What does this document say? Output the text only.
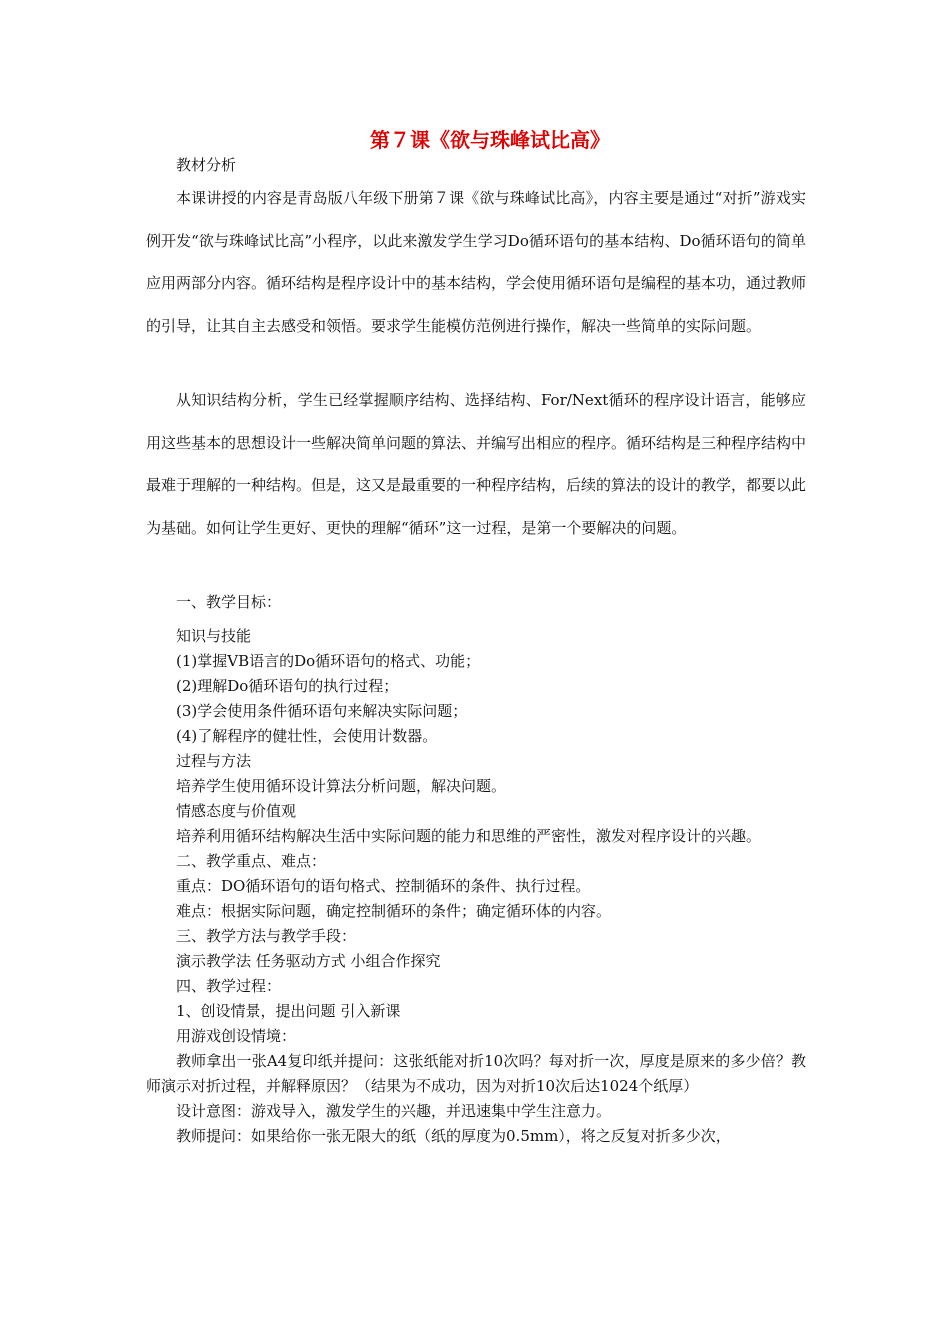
第７课《欲与珠峰试比高》
教材分析
本课讲授的内容是青岛版八年级下册第７课《欲与珠峰试比高》，内容主要是通过“对折”游戏实例开发“欲与珠峰试比高”小程序，以此来激发学生学习Do循环语句的基本结构、Do循环语句的简单应用两部分内容。循环结构是程序设计中的基本结构，学会使用循环语句是编程的基本功，通过教师的引导，让其自主去感受和领悟。要求学生能模仿范例进行操作，解决一些简单的实际问题。
从知识结构分析，学生已经掌握顺序结构、选择结构、For/Next循环的程序设计语言，能够应用这些基本的思想设计一些解决简单问题的算法、并编写出相应的程序。循环结构是三种程序结构中最难于理解的一种结构。但是，这又是最重要的一种程序结构，后续的算法的设计的教学，都要以此为基础。如何让学生更好、更快的理解“循环”这一过程，是第一个要解决的问题。

一、教学目标：

知识与技能

(1)掌握VB语言的Do循环语句的格式、功能；

(2)理解Do循环语句的执行过程；

(3)学会使用条件循环语句来解决实际问题；

(4)了解程序的健壮性，会使用计数器。

过程与方法

培养学生使用循环设计算法分析问题，解决问题。

情感态度与价值观

培养利用循环结构解决生活中实际问题的能力和思维的严密性，激发对程序设计的兴趣。

二、教学重点、难点：

重点：DO循环语句的语句格式、控制循环的条件、执行过程。

难点：根据实际问题，确定控制循环的条件；确定循环体的内容。

三、教学方法与教学手段：

演示教学法 任务驱动方式 小组合作探究

四、教学过程：

1、创设情景，提出问题 引入新课

用游戏创设情境：

教师拿出一张A4复印纸并提问：这张纸能对折10次吗？每对折一次，厚度是原来的多少倍？教师演示对折过程，并解释原因？（结果为不成功，因为对折10次后达1024个纸厚）

设计意图：游戏导入，激发学生的兴趣，并迅速集中学生注意力。

教师提问：如果给你一张无限大的纸（纸的厚度为0.5mm），将之反复对折多少次，
